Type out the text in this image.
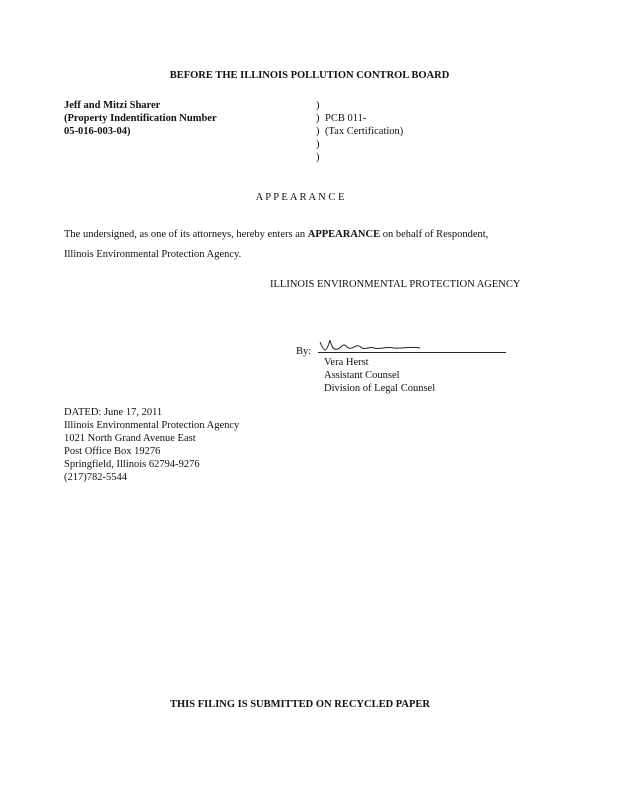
BEFORE THE ILLINOIS POLLUTION CONTROL BOARD
Jeff and Mitzi Sharer
(Property Indentification Number
05-016-003-04)
)
)
)
)
)
PCB 011-
(Tax Certification)
A P P E A R A N C E
The undersigned, as one of its attorneys, hereby enters an APPEARANCE on behalf of Respondent,
Illinois Environmental Protection Agency.
ILLINOIS ENVIRONMENTAL PROTECTION AGENCY
By:
Vera Herst
Assistant Counsel
Division of Legal Counsel
DATED: June 17, 2011
Illinois Environmental Protection Agency
1021 North Grand Avenue East
Post Office Box 19276
Springfield, Illinois 62794-9276
(217)782-5544
THIS FILING IS SUBMITTED ON RECYCLED PAPER
